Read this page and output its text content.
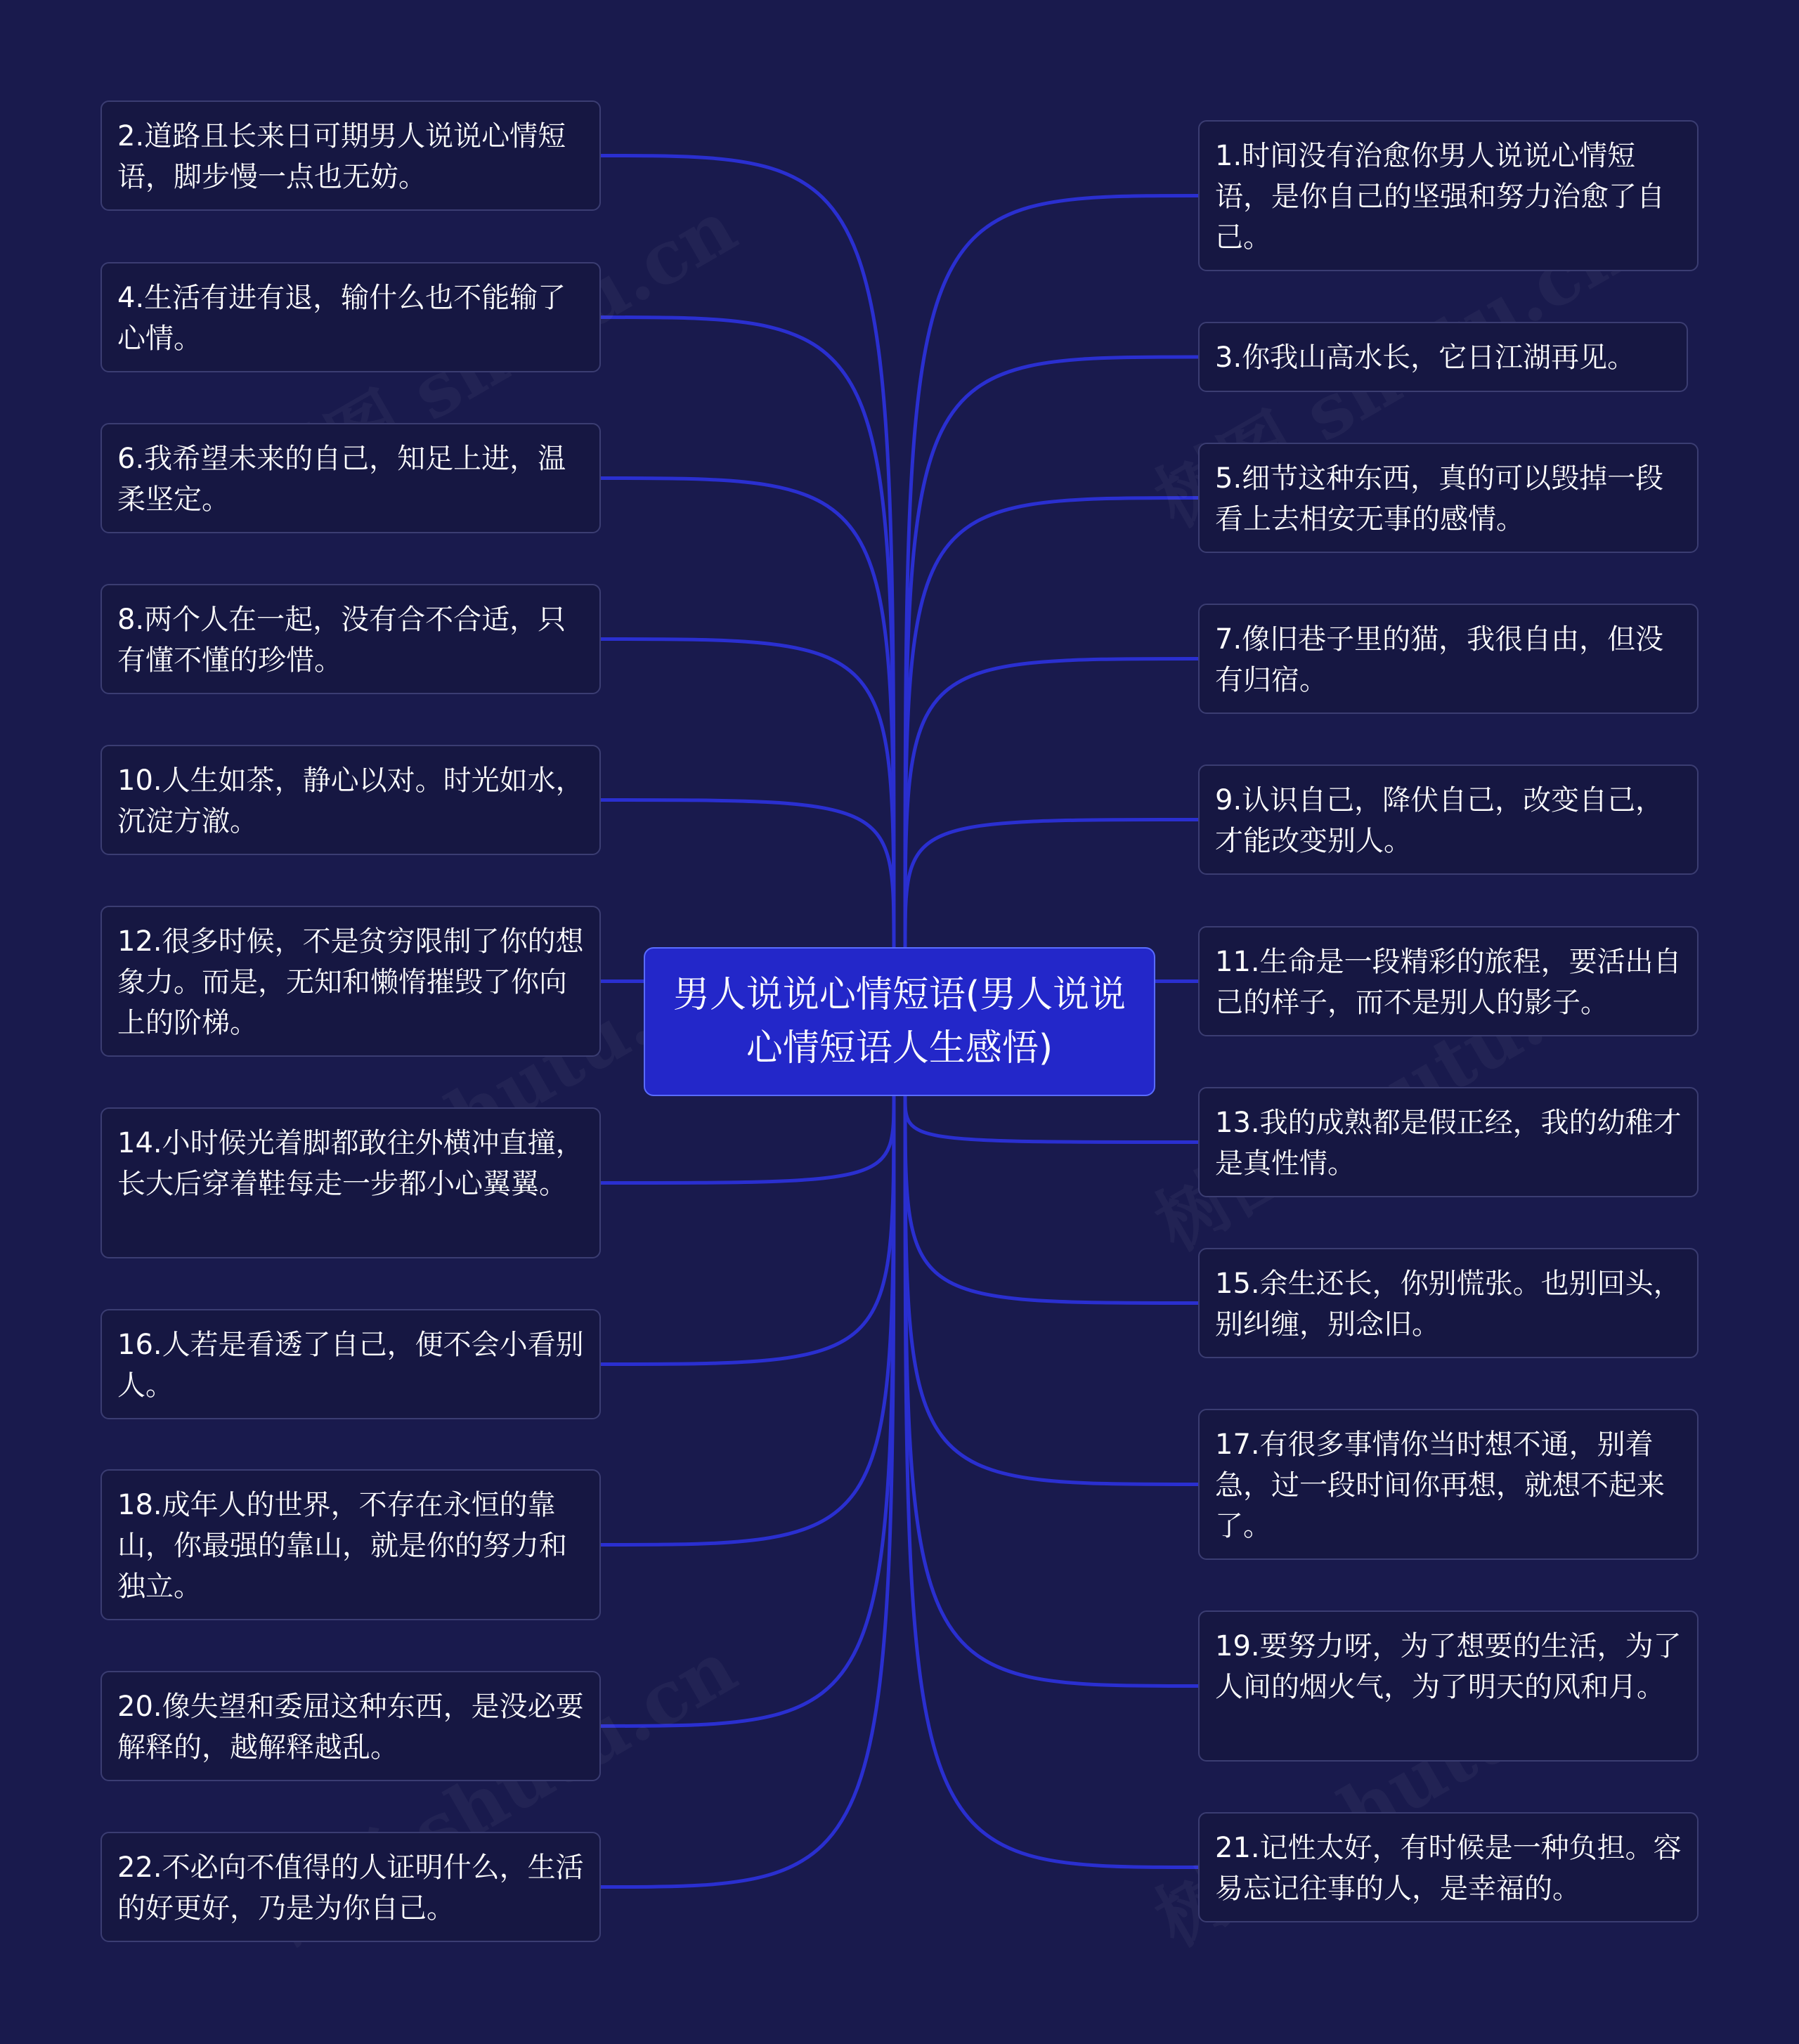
男人说说心情短语(男人说说心情短语人生感悟)
2.道路且长来日可期男人说说心情短语，脚步慢一点也无妨。
4.生活有进有退，输什么也不能输了心情。
6.我希望未来的自己，知足上进，温柔坚定。
8.两个人在一起，没有合不合适，只有懂不懂的珍惜。
10.人生如茶，静心以对。时光如水，沉淀方澈。
12.很多时候，不是贫穷限制了你的想象力。而是，无知和懒惰摧毁了你向上的阶梯。
14.小时候光着脚都敢往外横冲直撞，长大后穿着鞋每走一步都小心翼翼。
16.人若是看透了自己，便不会小看别人。
18.成年人的世界，不存在永恒的靠山，你最强的靠山，就是你的努力和独立。
20.像失望和委屈这种东西，是没必要解释的，越解释越乱。
22.不必向不值得的人证明什么，生活的好更好，乃是为你自己。
1.时间没有治愈你男人说说心情短语，是你自己的坚强和努力治愈了自己。
3.你我山高水长，它日江湖再见。
5.细节这种东西，真的可以毁掉一段看上去相安无事的感情。
7.像旧巷子里的猫，我很自由，但没有归宿。
9.认识自己，降伏自己，改变自己，才能改变别人。
11.生命是一段精彩的旅程，要活出自己的样子，而不是别人的影子。
13.我的成熟都是假正经，我的幼稚才是真性情。
15.余生还长，你别慌张。也别回头，别纠缠，别念旧。
17.有很多事情你当时想不通，别着急，过一段时间你再想，就想不起来了。
19.要努力呀，为了想要的生活，为了人间的烟火气，为了明天的风和月。
21.记性太好，有时候是一种负担。容易忘记往事的人，是幸福的。
